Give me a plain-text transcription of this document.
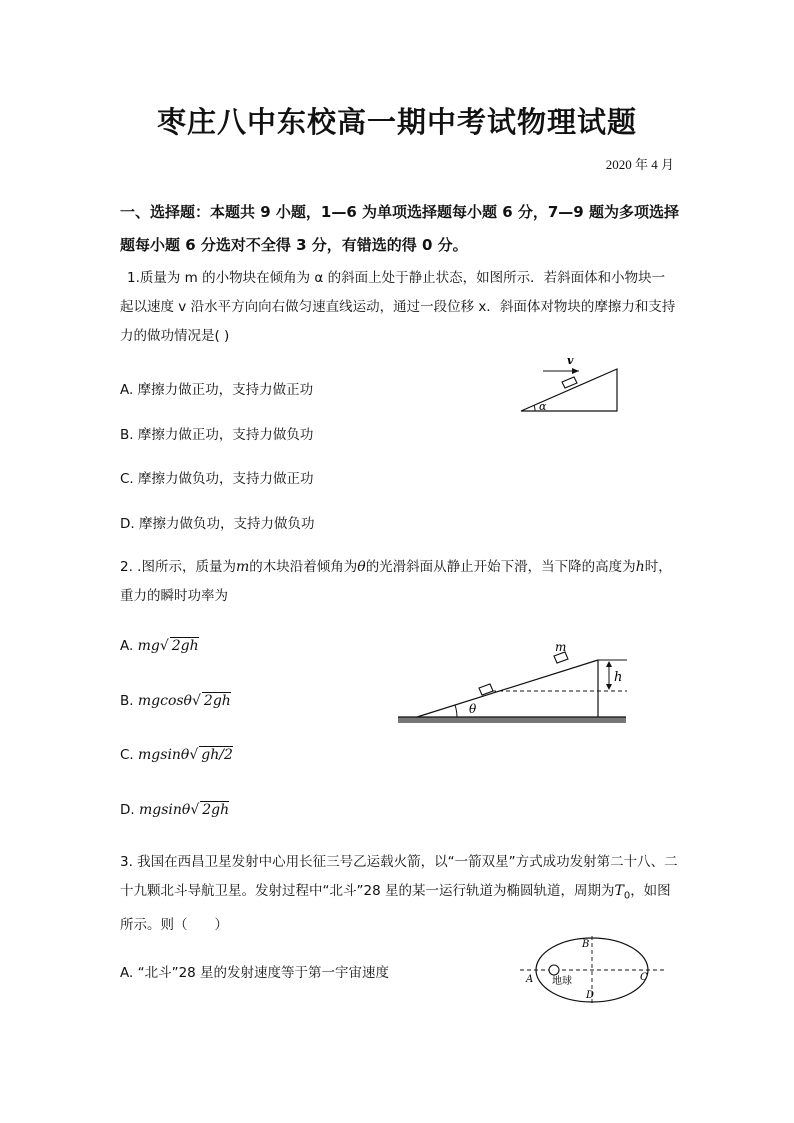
枣庄八中东校高一期中考试物理试题
2020 年 4 月
一、选择题：本题共 9 小题，1—6 为单项选择题每小题 6 分，7—9 题为多项选择题每小题 6 分选对不全得 3 分，有错选的得 0 分。
1.质量为 m 的小物块在倾角为 α 的斜面上处于静止状态，如图所示．若斜面体和小物块一起以速度 v 沿水平方向向右做匀速直线运动，通过一段位移 x．斜面体对物块的摩擦力和支持力的做功情况是( )
A. 摩擦力做正功，支持力做正功
B. 摩擦力做正功，支持力做负功
C. 摩擦力做负功，支持力做正功
D. 摩擦力做负功，支持力做负功
v
α
2. .图所示，质量为m的木块沿着倾角为θ的光滑斜面从静止开始下滑，当下降的高度为h时，重力的瞬时功率为
A. mg√ 2gh
B. mgcosθ√ 2gh
C. mgsinθ√ gh/2
D. mgsinθ√ 2gh
m
h
θ
3. 我国在西昌卫星发射中心用长征三号乙运载火箭，以“一箭双星”方式成功发射第二十八、二十九颗北斗导航卫星。发射过程中“北斗”28 星的某一运行轨道为椭圆轨道，周期为$T_0$，如图所示。则（　　）
A. “北斗”28 星的发射速度等于第一宇宙速度
B
A	C
D
地球
